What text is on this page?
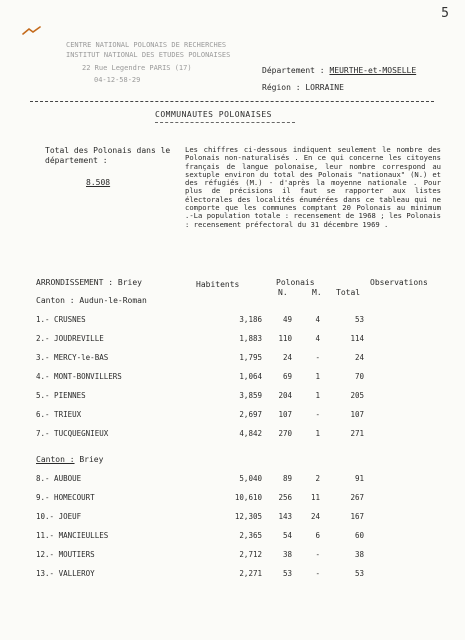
5
CENTRE NATIONAL POLONAIS DE RECHERCHES
INSTITUT NATIONAL DES ETUDES POLONAISES
22 Rue Legendre PARIS (17)
04-12-58-29
Département : MEURTHE-et-MOSELLE
Région : LORRAINE
COMMUNAUTES POLONAISES
Total des Polonais dans le département :
8.508
Les chiffres ci-dessous indiquent seulement le nombre des Polonais non-naturalisés . En ce qui concerne les citoyens français de langue polonaise, leur nombre correspond au sextuple environ du total des Polonais "nationaux" (N.) et des réfugiés (M.) - d'après la moyenne nationale . Pour plus de précisions il faut se rapporter aux listes électorales des localités énumérées dans ce tableau qui ne comporte que les communes comptant 20 Polonais au minimum .-La population totale : recensement de 1968 ; les Polonais : recensement préfectoral du 31 décembre 1969 .
ARRONDISSEMENT : Briey	Habitents	Polonais
N.	M. Total
Observations
Canton : Audun-le-Roman
1.- CRUSNES	3,186	49	4	53
2.- JOUDREVILLE	1,883	110	4	114
3.- MERCY-le-BAS	1,795	24	-	24
4.- MONT-BONVILLERS	1,064	69	1	70
5.- PIENNES	3,859	204	1	205
6.- TRIEUX	2,697	107	-	107
7.- TUCQUEGNIEUX	4,842	270	1	271
Canton : Briey
8.- AUBOUE	5,040	89	2	91
9.- HOMECOURT	10,610	256	11	267
10.- JOEUF	12,305	143	24	167
11.- MANCIEULLES	2,365	54	6	60
12.- MOUTIERS	2,712	38	-	38
13.- VALLEROY	2,271	53	-	53
